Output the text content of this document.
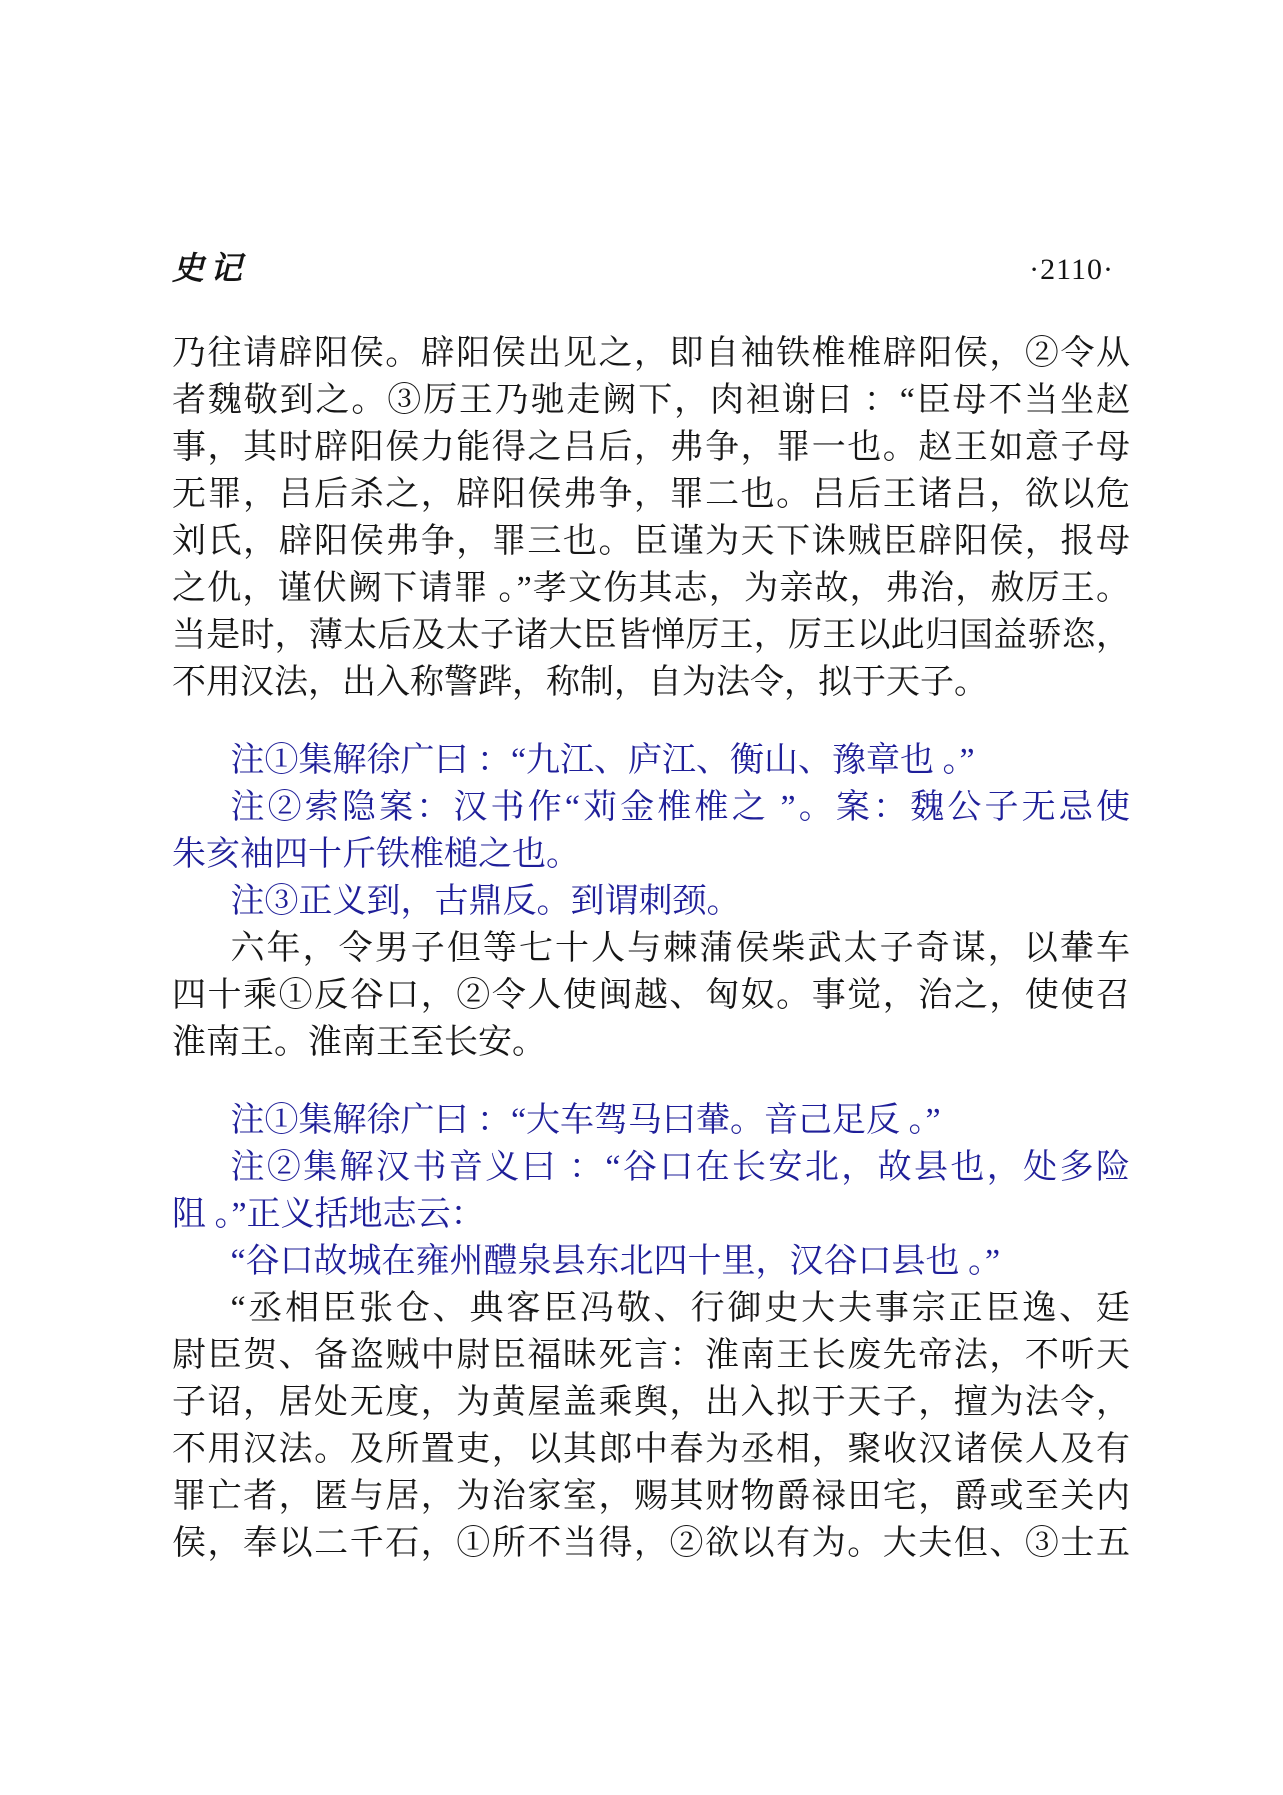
史记	·2110·
乃往请辟阳侯。辟阳侯出见之，即自袖铁椎椎辟阳侯，②令从
者魏敬到之。③厉王乃驰走阙下，肉袒谢曰 ：“臣母不当坐赵
事，其时辟阳侯力能得之吕后，弗争，罪一也。赵王如意子母
无罪，吕后杀之，辟阳侯弗争，罪二也。吕后王诸吕，欲以危
刘氏，辟阳侯弗争，罪三也。臣谨为天下诛贼臣辟阳侯，报母
之仇，谨伏阙下请罪 。”孝文伤其志，为亲故，弗治，赦厉王。
当是时，薄太后及太子诸大臣皆惮厉王，厉王以此归国益骄恣，
不用汉法，出入称警跸，称制，自为法令，拟于天子。
注①集解徐广曰 ：“九江、庐江、衡山、豫章也 。”
注②索隐案：汉书作“苅金椎椎之 ”。案：魏公子无忌使
朱亥袖四十斤铁椎槌之也。
注③正义到，古鼎反。到谓刺颈。
六年，令男子但等七十人与棘蒲侯柴武太子奇谋，以輂车
四十乘①反谷口，②令人使闽越、匈奴。事觉，治之，使使召
淮南王。淮南王至长安。
注①集解徐广曰 ：“大车驾马曰輂。音己足反 。”
注②集解汉书音义曰 ：“谷口在长安北，故县也，处多险
阻 。”正义括地志云：
“谷口故城在雍州醴泉县东北四十里，汉谷口县也 。”
“丞相臣张仓、典客臣冯敬、行御史大夫事宗正臣逸、廷
尉臣贺、备盗贼中尉臣福昧死言：淮南王长废先帝法，不听天
子诏，居处无度，为黄屋盖乘舆，出入拟于天子，擅为法令，
不用汉法。及所置吏，以其郎中春为丞相，聚收汉诸侯人及有
罪亡者，匿与居，为治家室，赐其财物爵禄田宅，爵或至关内
侯，奉以二千石，①所不当得，②欲以有为。大夫但、③士五
